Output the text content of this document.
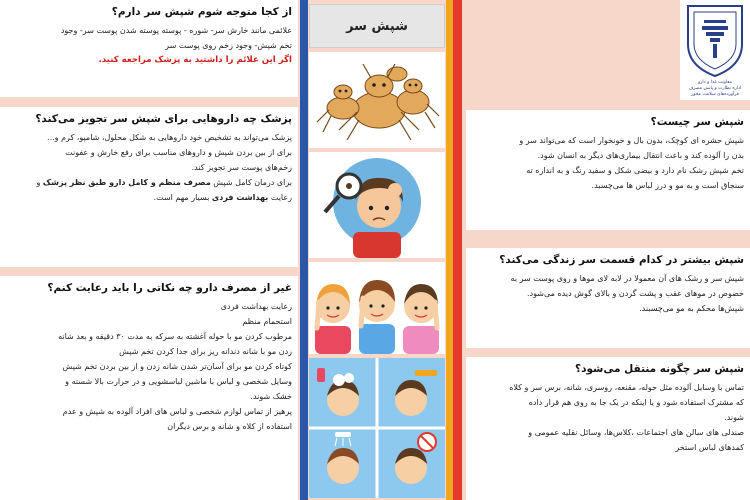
از کجا متوجه شوم شپش سر دارم؟

علائمی مانند خارش سر- شوره - پوسته پوسته شدن پوست سر- وجود

تخم شپش- وجود زخم روی پوست سر

اگر این علائم را داشتید به پزشک مراجعه کنید.

پزشک چه داروهایی برای شپش سر تجویز می‌کند؟

پزشک می‌تواند به تشخیص خود داروهایی به شکل محلول، شامپو، کرم و...

برای از بین بردن شپش و داروهای مناسب برای رفع خارش و عفونت

زخم‌های پوست سر تجویز کند.

برای درمان کامل شپش مصرف منظم و کامل دارو طبق نظر پزشک و

رعایت بهداشت فردی بسیار مهم است.

غیر از مصرف دارو چه نکاتی را باید رعایت کنم؟

رعایت بهداشت فردی

استحمام منظم

مرطوب کردن مو با حوله آغشته به سرکه به مدت ۳۰ دقیقه و بعد شانه

زدن مو با شانه دندانه ریز برای جدا کردن تخم شپش

کوتاه کردن مو برای آسان‌تر شدن شانه زدن و از بین بردن تخم شپش

وسایل شخصی و لباس با ماشین لباسشویی و در حرارت بالا شسته و

خشک شوند.

پرهیز از تماس لوازم شخصی و لباس های افراد آلوده به شپش و عدم

استفاده از کلاه و شانه و برس دیگران

شپش سر
معاونت غذا و دارو
اداره نظارت و پایش مصرف فرآورده‌های سلامت محور
شپش سر چیست؟

شپش حشره ای کوچک، بدون بال و خونخوار است که می‌تواند سر و

بدن را آلوده کند و باعث انتقال بیماری‌های دیگر به انسان شود.

تخم شپش رشک نام دارد و بیضی شکل و سفید رنگ و به اندازه ته

سنجاق است و به مو و درز لباس ها می‌چسبد.

شپش بیشتر در کدام قسمت سر زندگی می‌کند؟

شپش سر و رشک های آن معمولا در لابه لای موها و روی پوست سر به

خصوص در موهای عقب و پشت گردن و بالای گوش دیده می‌شود.

شپش‌ها محکم به مو می‌چسبند.

شپش سر چگونه منتقل می‌شود؟

تماس با وسایل آلوده مثل حوله، مقنعه، روسری، شانه، برس سر و کلاه

که مشترک استفاده شود و یا اینکه در یک جا به روی هم قرار داده

شوند.

صندلی های سالن های اجتماعات ،کلاس‌ها، وسائل نقلیه عمومی و

کمدهای لباس استخر
